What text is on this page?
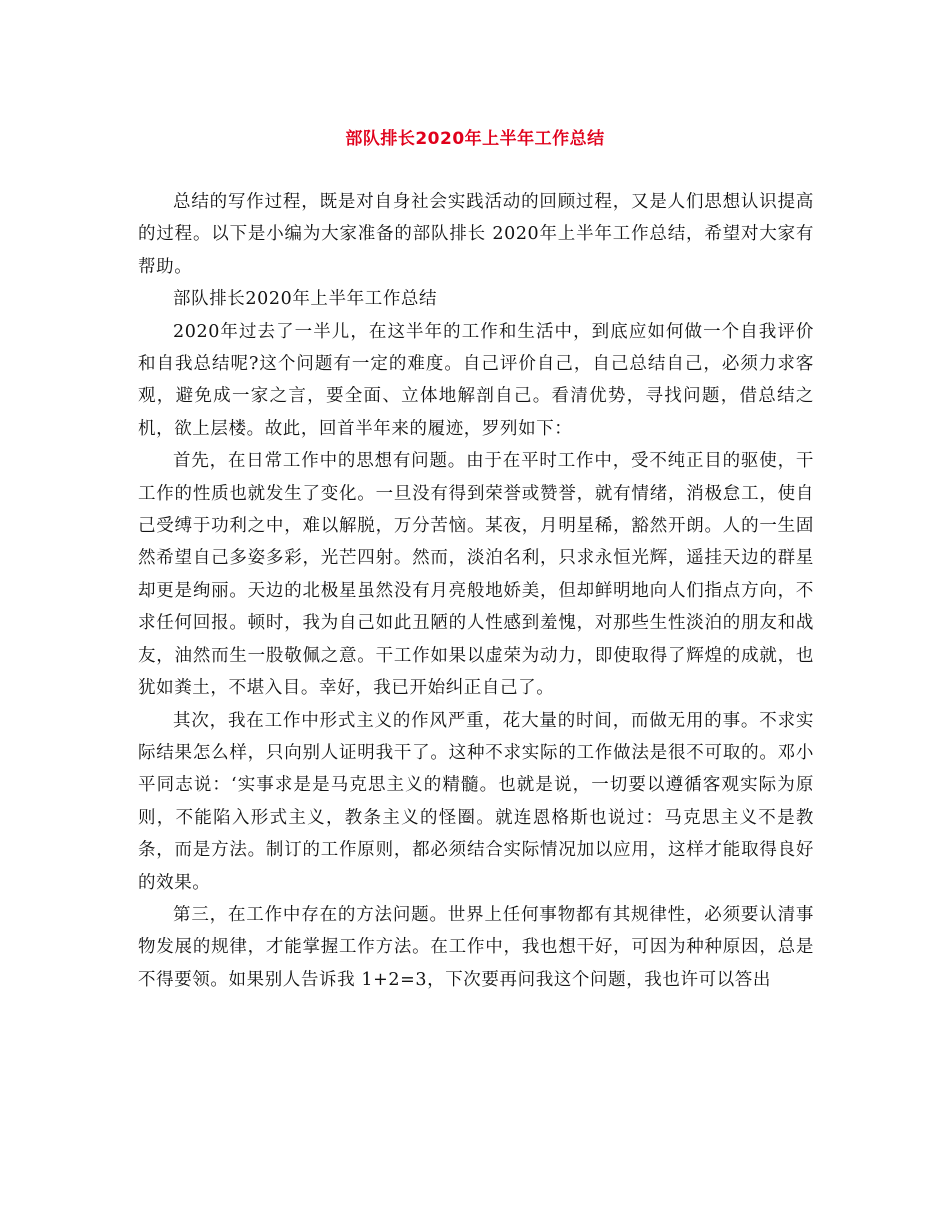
部队排长2020年上半年工作总结

总结的写作过程，既是对自身社会实践活动的回顾过程，又是人们思想认识提高的过程。以下是小编为大家准备的部队排长 2020年上半年工作总结，希望对大家有帮助。

部队排长2020年上半年工作总结

2020年过去了一半儿，在这半年的工作和生活中，到底应如何做一个自我评价和自我总结呢?这个问题有一定的难度。自己评价自己，自己总结自己，必须力求客观，避免成一家之言，要全面、立体地解剖自己。看清优势，寻找问题，借总结之机，欲上层楼。故此，回首半年来的履迹，罗列如下：

首先，在日常工作中的思想有问题。由于在平时工作中，受不纯正目的驱使，干工作的性质也就发生了变化。一旦没有得到荣誉或赞誉，就有情绪，消极怠工，使自己受缚于功利之中，难以解脱，万分苦恼。某夜，月明星稀，豁然开朗。人的一生固然希望自己多姿多彩，光芒四射。然而，淡泊名利，只求永恒光辉，遥挂天边的群星却更是绚丽。天边的北极星虽然没有月亮般地娇美，但却鲜明地向人们指点方向，不求任何回报。顿时，我为自己如此丑陋的人性感到羞愧，对那些生性淡泊的朋友和战友，油然而生一股敬佩之意。干工作如果以虚荣为动力，即使取得了辉煌的成就，也犹如粪土，不堪入目。幸好，我已开始纠正自己了。

其次，我在工作中形式主义的作风严重，花大量的时间，而做无用的事。不求实际结果怎么样，只向别人证明我干了。这种不求实际的工作做法是很不可取的。邓小平同志说：‘实事求是是马克思主义的精髓。也就是说，一切要以遵循客观实际为原则，不能陷入形式主义，教条主义的怪圈。就连恩格斯也说过：马克思主义不是教条，而是方法。制订的工作原则，都必须结合实际情况加以应用，这样才能取得良好的效果。

第三，在工作中存在的方法问题。世界上任何事物都有其规律性，必须要认清事物发展的规律，才能掌握工作方法。在工作中，我也想干好，可因为种种原因，总是不得要领。如果别人告诉我 1+2=3，下次要再问我这个问题，我也许可以答出
